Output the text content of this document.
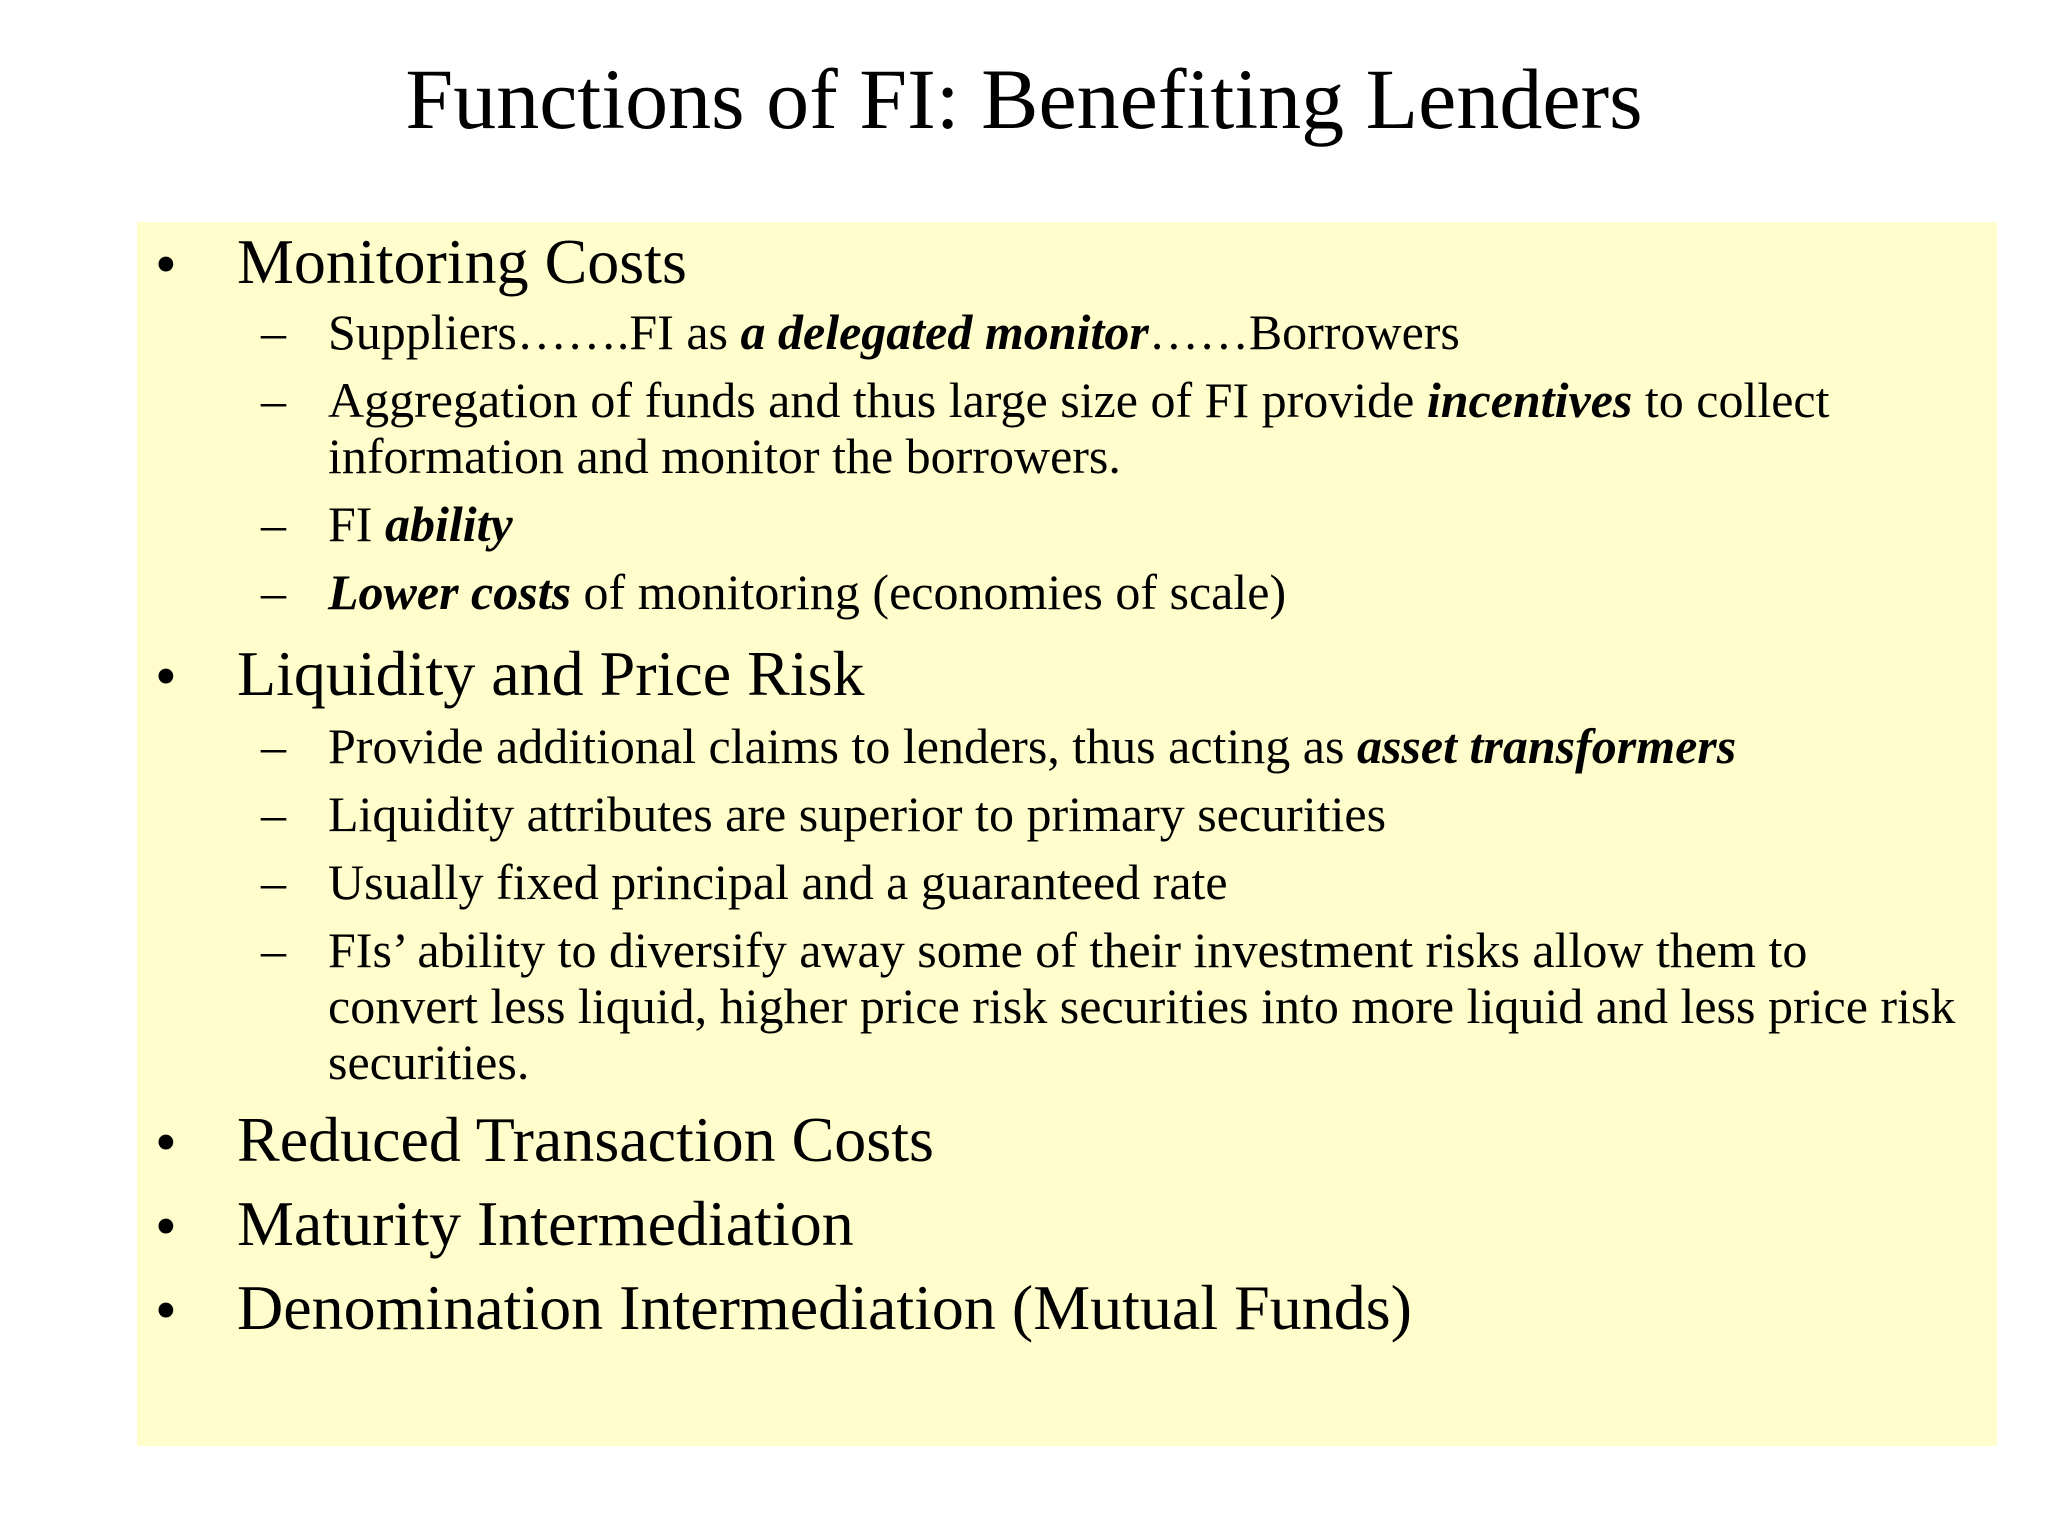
Functions of FI: Benefiting Lenders
• Monitoring Costs
– Suppliers…….FI as a delegated monitor……Borrowers
– Aggregation of funds and thus large size of FI provide incentives to collect information and monitor the borrowers.
– FI ability
– Lower costs of monitoring (economies of scale)
• Liquidity and Price Risk
– Provide additional claims to lenders, thus acting as asset transformers
– Liquidity attributes are superior to primary securities
– Usually fixed principal and a guaranteed rate
– FIs’ ability to diversify away some of their investment risks allow them to convert less liquid, higher price risk securities into more liquid and less price risk securities.
• Reduced Transaction Costs
• Maturity Intermediation
• Denomination Intermediation (Mutual Funds)
